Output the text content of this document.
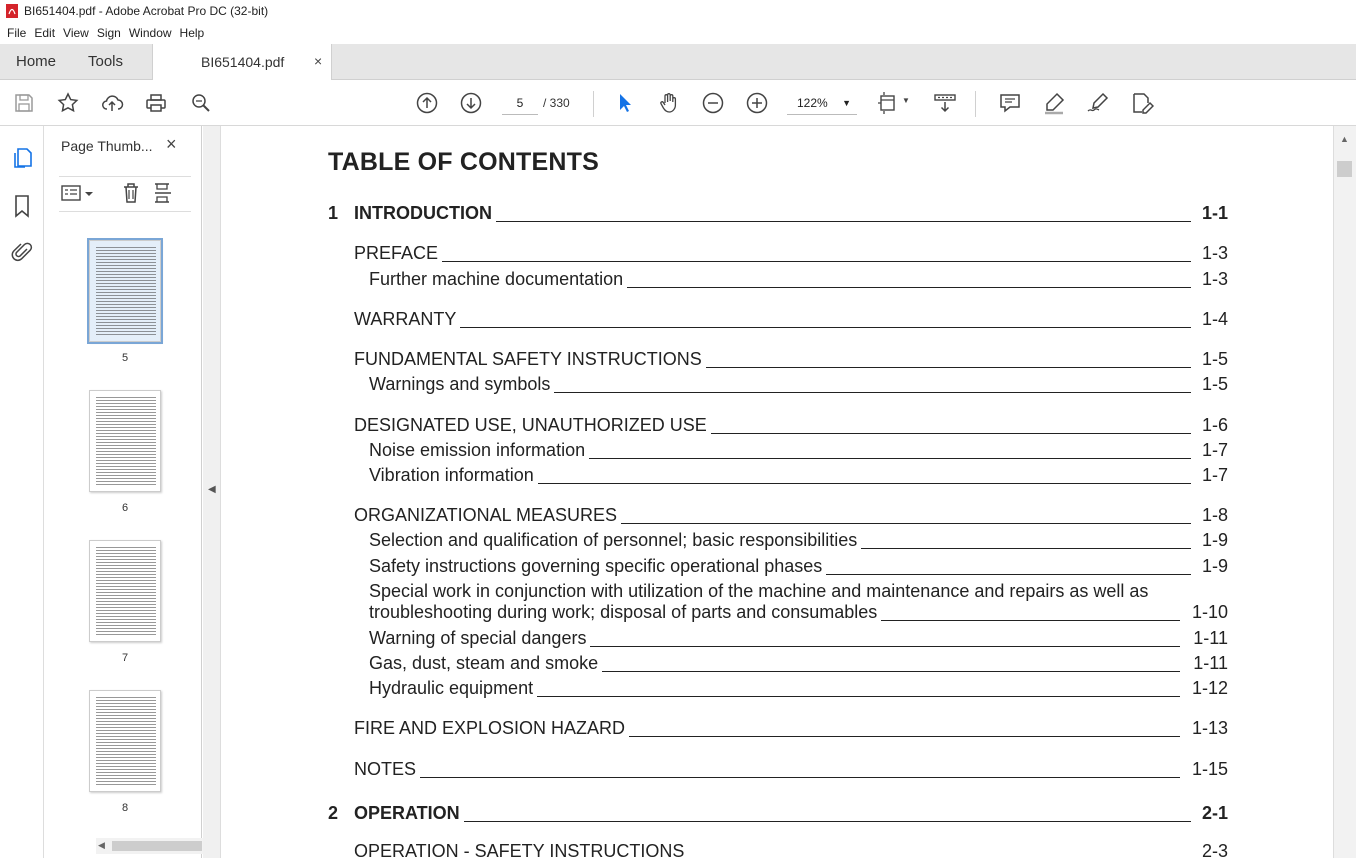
BI651404.pdf - Adobe Acrobat Pro DC (32-bit)
File Edit View Sign Window Help
Home Tools	BI651404.pdf ×
5	/ 330	122% ▼	▼
Page Thumb... ×
5
6
7
8
◀
◀
TABLE OF CONTENTS
1 INTRODUCTION	1-1
PREFACE	1-3
Further machine documentation	1-3
WARRANTY	1-4
FUNDAMENTAL SAFETY INSTRUCTIONS	1-5
Warnings and symbols	1-5
DESIGNATED USE, UNAUTHORIZED USE	1-6
Noise emission information	1-7
Vibration information	1-7
ORGANIZATIONAL MEASURES	1-8
Selection and qualification of personnel; basic responsibilities	1-9
Safety instructions governing specific operational phases	1-9
Special work in conjunction with utilization of the machine and maintenance and repairs as well as
troubleshooting during work; disposal of parts and consumables	1-10
Warning of special dangers	1-11
Gas, dust, steam and smoke	1-11
Hydraulic equipment	1-12
FIRE AND EXPLOSION HAZARD	1-13
NOTES	1-15
2 OPERATION	2-1
OPERATION - SAFETY INSTRUCTIONS	2-3
▲
